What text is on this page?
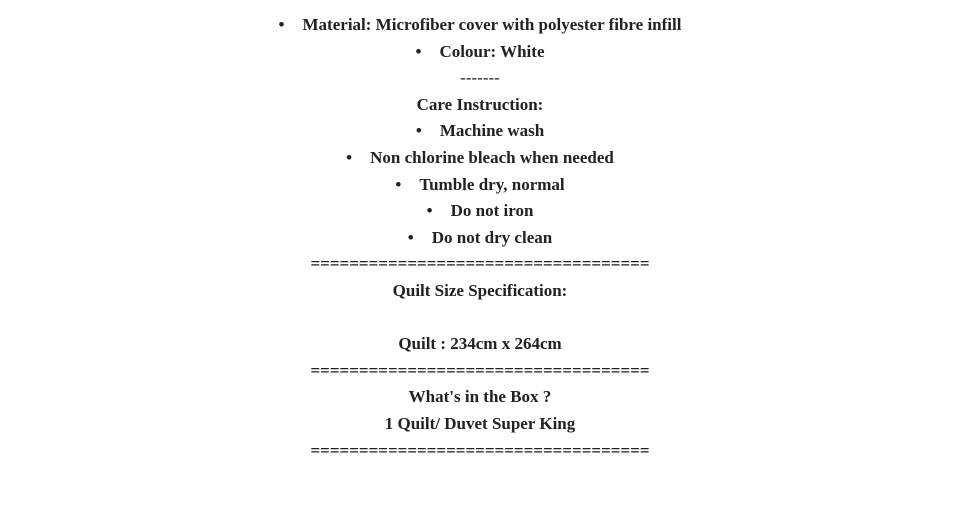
• Material: Microfiber cover with polyester fibre infill
• Colour: White
-------
Care Instruction:
• Machine wash
• Non chlorine bleach when needed
• Tumble dry, normal
• Do not iron
• Do not dry clean
===================================
Quilt Size Specification:
Quilt : 234cm x 264cm
===================================
What's in the Box ?
1 Quilt/ Duvet Super King
===================================
